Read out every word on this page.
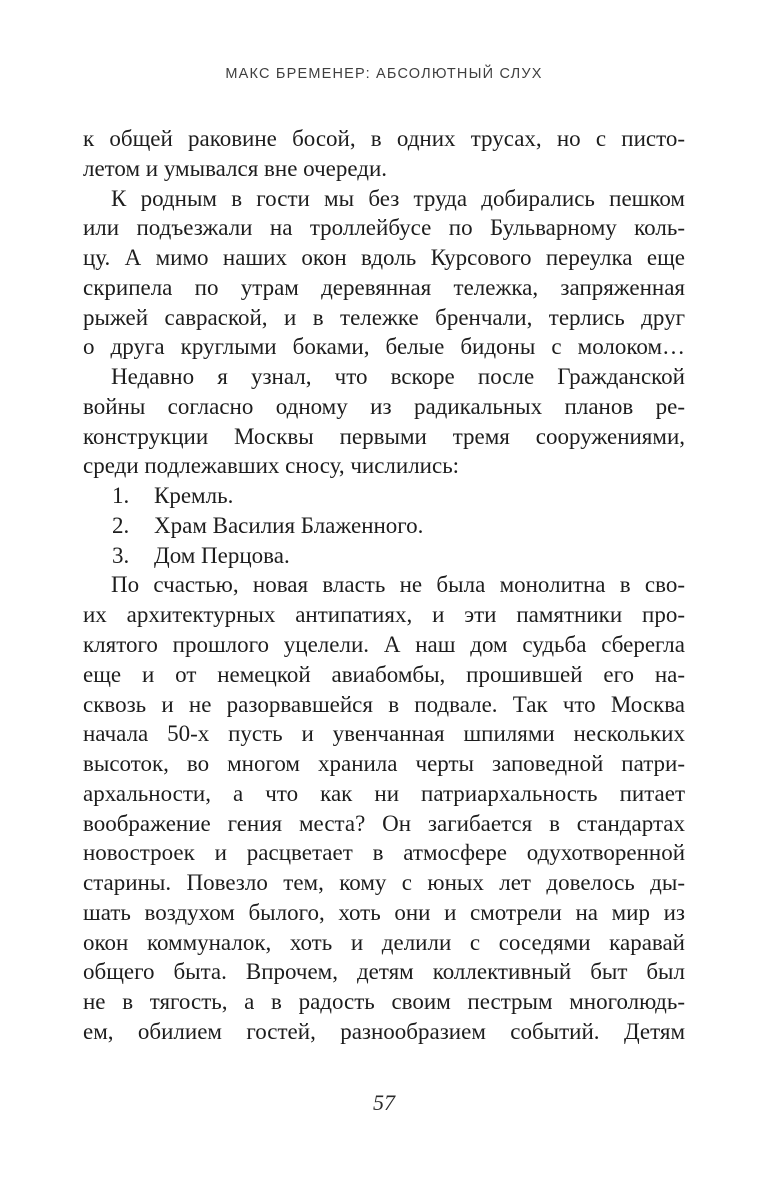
МАКС БРЕМЕНЕР: АБСОЛЮТНЫЙ СЛУХ
к общей раковине босой, в одних трусах, но с писто-
летом и умывался вне очереди.
К родным в гости мы без труда добирались пешком
или подъезжали на троллейбусе по Бульварному коль-
цу. А мимо наших окон вдоль Курсового переулка еще
скрипела по утрам деревянная тележка, запряженная
рыжей савраской, и в тележке бренчали, терлись друг
о друга круглыми боками, белые бидоны с молоком…
Недавно я узнал, что вскоре после Гражданской
войны согласно одному из радикальных планов ре-
конструкции Москвы первыми тремя сооружениями,
среди подлежавших сносу, числились:
1. Кремль.
2. Храм Василия Блаженного.
3. Дом Перцова.
По счастью, новая власть не была монолитна в сво-
их архитектурных антипатиях, и эти памятники про-
клятого прошлого уцелели. А наш дом судьба сберегла
еще и от немецкой авиабомбы, прошившей его на-
сквозь и не разорвавшейся в подвале. Так что Москва
начала 50-х пусть и увенчанная шпилями нескольких
высоток, во многом хранила черты заповедной патри-
архальности, а что как ни патриархальность питает
воображение гения места? Он загибается в стандартах
новостроек и расцветает в атмосфере одухотворенной
старины. Повезло тем, кому с юных лет довелось ды-
шать воздухом былого, хоть они и смотрели на мир из
окон коммуналок, хоть и делили с соседями каравай
общего быта. Впрочем, детям коллективный быт был
не в тягость, а в радость своим пестрым многолюдь-
ем, обилием гостей, разнообразием событий. Детям
57
